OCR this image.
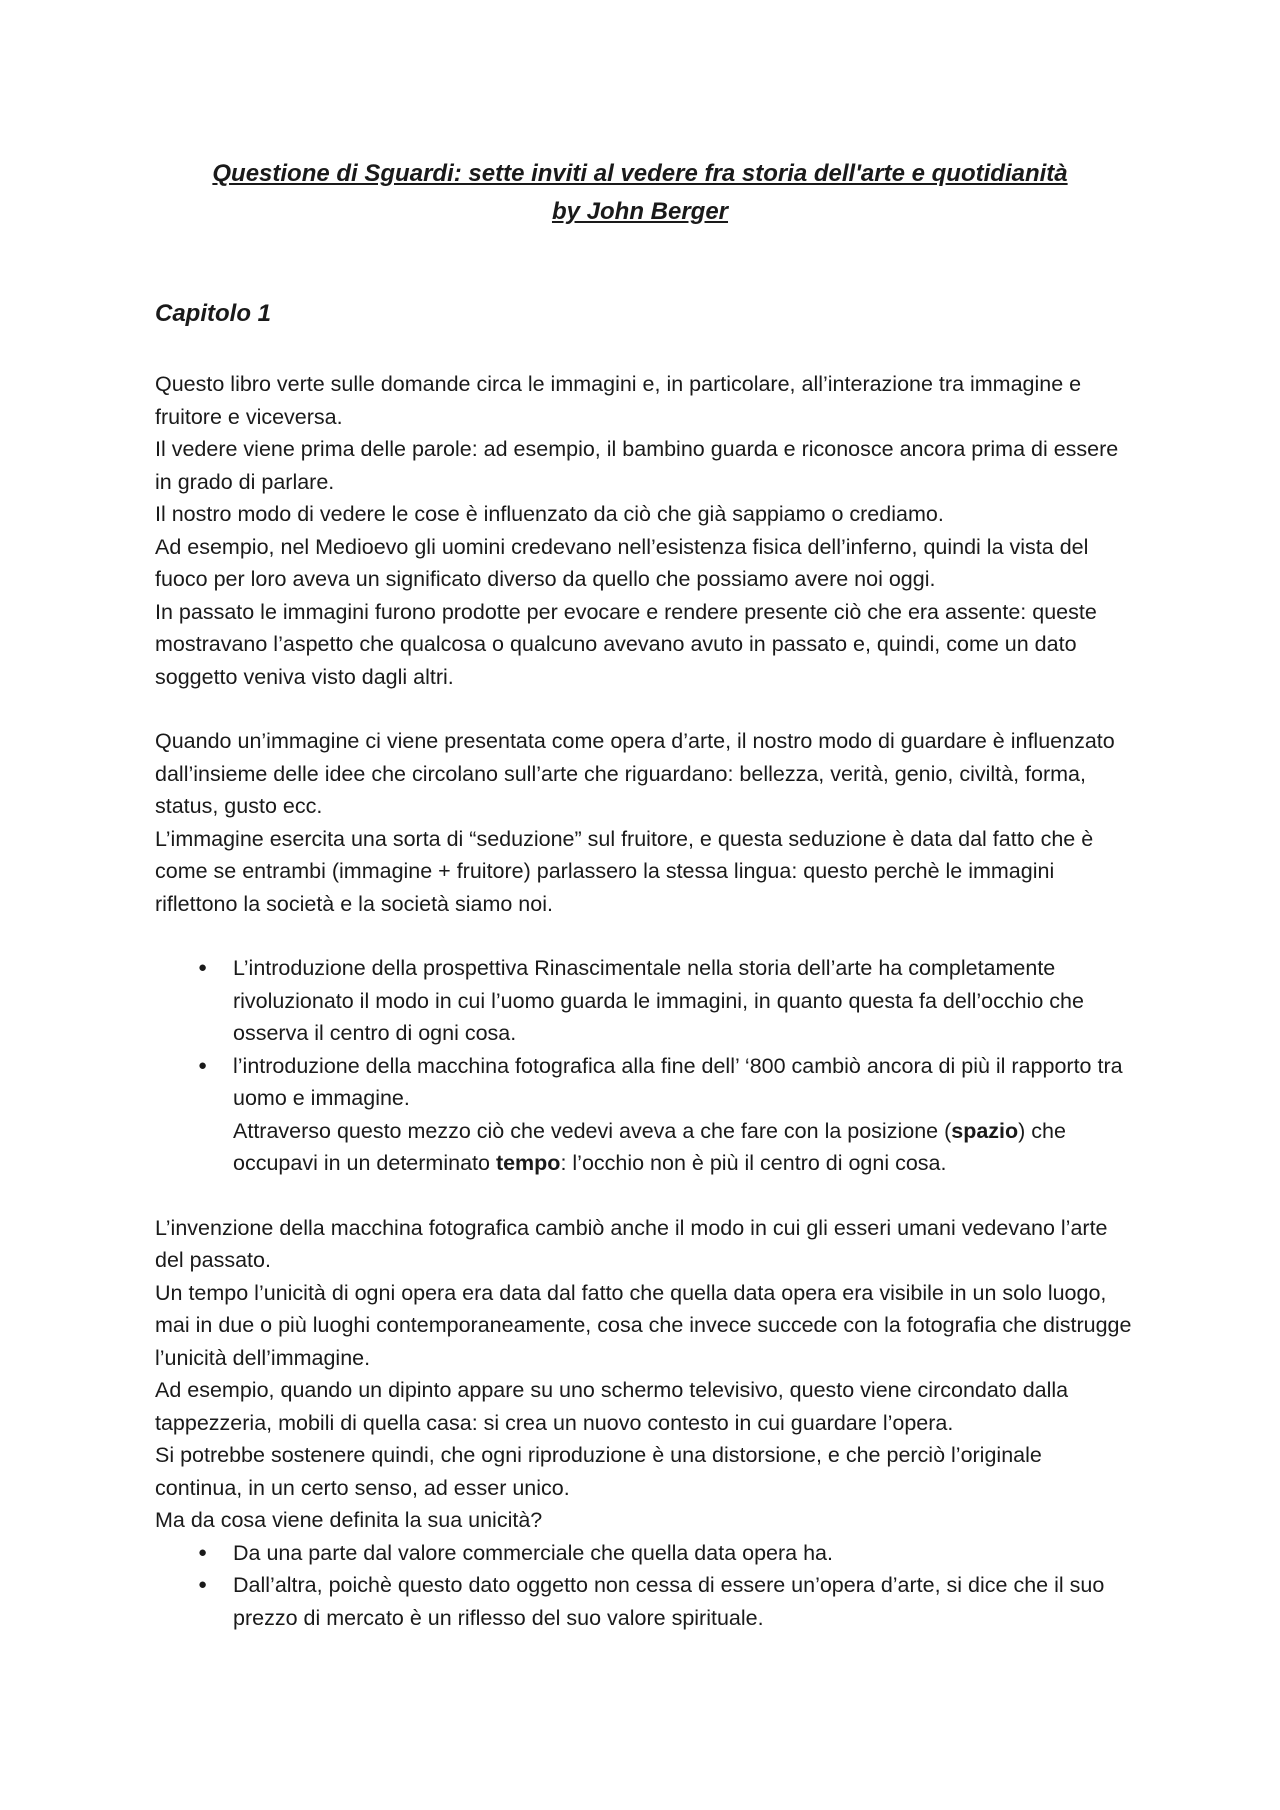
Questione di Sguardi: sette inviti al vedere fra storia dell'arte e quotidianità
by John Berger
Capitolo 1

Questo libro verte sulle domande circa le immagini e, in particolare, all’interazione tra immagine e fruitore e viceversa.

Il vedere viene prima delle parole: ad esempio, il bambino guarda e riconosce ancora prima di essere in grado di parlare.

Il nostro modo di vedere le cose è influenzato da ciò che già sappiamo o crediamo.

Ad esempio, nel Medioevo gli uomini credevano nell’esistenza fisica dell’inferno, quindi la vista del fuoco per loro aveva un significato diverso da quello che possiamo avere noi oggi.

In passato le immagini furono prodotte per evocare e rendere presente ciò che era assente: queste mostravano l’aspetto che qualcosa o qualcuno avevano avuto in passato e, quindi, come un dato soggetto veniva visto dagli altri.

Quando un’immagine ci viene presentata come opera d’arte, il nostro modo di guardare è influenzato dall’insieme delle idee che circolano sull’arte che riguardano: bellezza, verità, genio, civiltà, forma, status, gusto ecc.

L’immagine esercita una sorta di “seduzione” sul fruitore, e questa seduzione è data dal fatto che è come se entrambi (immagine + fruitore) parlassero la stessa lingua: questo perchè le immagini riflettono la società e la società siamo noi.

● L’introduzione della prospettiva Rinascimentale nella storia dell’arte ha completamente rivoluzionato il modo in cui l’uomo guarda le immagini, in quanto questa fa dell’occhio che osserva il centro di ogni cosa.
● l’introduzione della macchina fotografica alla fine dell’ ‘800 cambiò ancora di più il rapporto tra uomo e immagine.
Attraverso questo mezzo ciò che vedevi aveva a che fare con la posizione (spazio) che occupavi in un determinato tempo: l’occhio non è più il centro di ogni cosa.

L’invenzione della macchina fotografica cambiò anche il modo in cui gli esseri umani vedevano l’arte del passato.

Un tempo l’unicità di ogni opera era data dal fatto che quella data opera era visibile in un solo luogo, mai in due o più luoghi contemporaneamente, cosa che invece succede con la fotografia che distrugge l’unicità dell’immagine.

Ad esempio, quando un dipinto appare su uno schermo televisivo, questo viene circondato dalla tappezzeria, mobili di quella casa: si crea un nuovo contesto in cui guardare l’opera.

Si potrebbe sostenere quindi, che ogni riproduzione è una distorsione, e che perciò l’originale continua, in un certo senso, ad esser unico.

Ma da cosa viene definita la sua unicità?

● Da una parte dal valore commerciale che quella data opera ha.
● Dall’altra, poichè questo dato oggetto non cessa di essere un’opera d’arte, si dice che il suo prezzo di mercato è un riflesso del suo valore spirituale.
